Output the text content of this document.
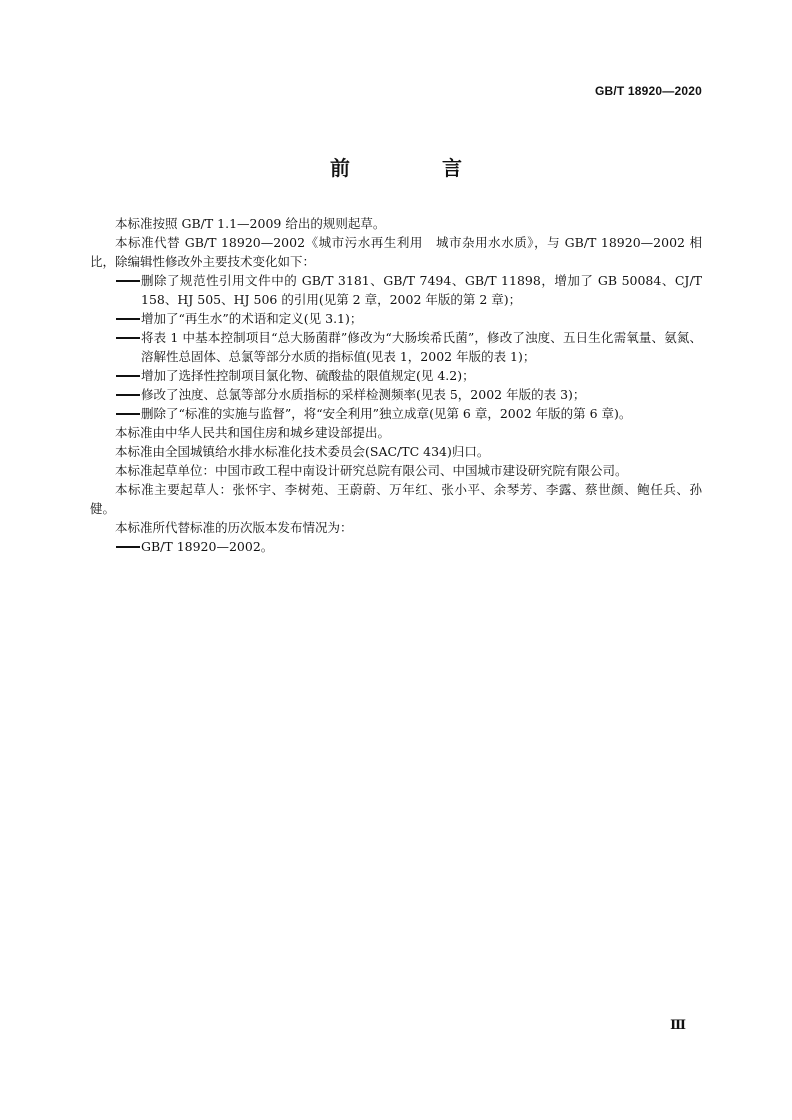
GB/T 18920—2020
前　言

本标准按照 GB/T 1.1—2009 给出的规则起草。

本标准代替 GB/T 18920—2002《城市污水再生利用　城市杂用水水质》，与 GB/T 18920—2002 相比，除编辑性修改外主要技术变化如下：

删除了规范性引用文件中的 GB/T 3181、GB/T 7494、GB/T 11898，增加了 GB 50084、CJ/T 158、HJ 505、HJ 506 的引用(见第 2 章，2002 年版的第 2 章)；

增加了“再生水”的术语和定义(见 3.1)；

将表 1 中基本控制项目“总大肠菌群”修改为“大肠埃希氏菌”，修改了浊度、五日生化需氧量、氨氮、溶解性总固体、总氯等部分水质的指标值(见表 1，2002 年版的表 1)；

增加了选择性控制项目氯化物、硫酸盐的限值规定(见 4.2)；

修改了浊度、总氯等部分水质指标的采样检测频率(见表 5，2002 年版的表 3)；

删除了“标准的实施与监督”，将“安全利用”独立成章(见第 6 章，2002 年版的第 6 章)。

本标准由中华人民共和国住房和城乡建设部提出。

本标准由全国城镇给水排水标准化技术委员会(SAC/TC 434)归口。

本标准起草单位：中国市政工程中南设计研究总院有限公司、中国城市建设研究院有限公司。

本标准主要起草人：张怀宇、李树苑、王蔚蔚、万年红、张小平、余琴芳、李露、蔡世颜、鲍任兵、孙健。

本标准所代替标准的历次版本发布情况为：

GB/T 18920—2002。

Ⅲ
